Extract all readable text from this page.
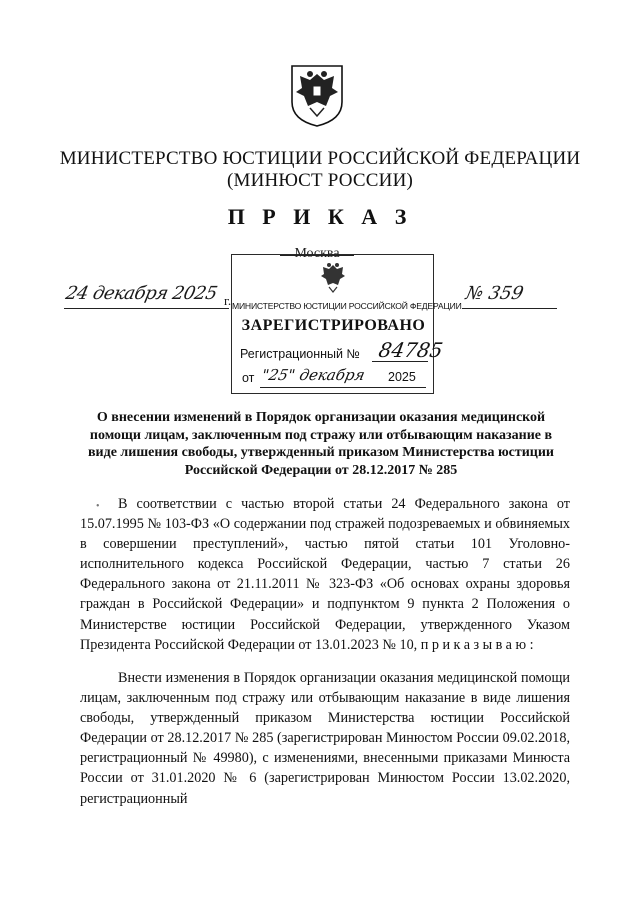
МИНИСТЕРСТВО ЮСТИЦИИ РОССИЙСКОЙ ФЕДЕРАЦИИ
(МИНЮСТ РОССИИ)
П Р И К А З
МИНИСТЕРСТВО ЮСТИЦИИ РОССИЙСКОЙ ФЕДЕРАЦИИ
ЗАРЕГИСТРИРОВАНО
Регистрационный № 84785
от "25" декабря 2025
Москва
24 декабря 2025 г.	№ 359
О внесении изменений в Порядок организации оказания медицинской помощи лицам, заключенным под стражу или отбывающим наказание в виде лишения свободы, утвержденный приказом Министерства юстиции Российской Федерации от 28.12.2017 № 285
•	В соответствии с частью второй статьи 24 Федерального закона от 15.07.1995 № 103-ФЗ «О содержании под стражей подозреваемых и обвиняемых в совершении преступлений», частью пятой статьи 101 Уголовно-исполнительного кодекса Российской Федерации, частью 7 статьи 26 Федерального закона от 21.11.2011 № 323-ФЗ «Об основах охраны здоровья граждан в Российской Федерации» и подпунктом 9 пункта 2 Положения о Министерстве юстиции Российской Федерации, утвержденного Указом Президента Российской Федерации от 13.01.2023 № 10, приказываю:
Внести изменения в Порядок организации оказания медицинской помощи лицам, заключенным под стражу или отбывающим наказание в виде лишения свободы, утвержденный приказом Министерства юстиции Российской Федерации от 28.12.2017 № 285 (зарегистрирован Минюстом России 09.02.2018, регистрационный № 49980), с изменениями, внесенными приказами Минюста России от 31.01.2020 № 6 (зарегистрирован Минюстом России 13.02.2020, регистрационный
